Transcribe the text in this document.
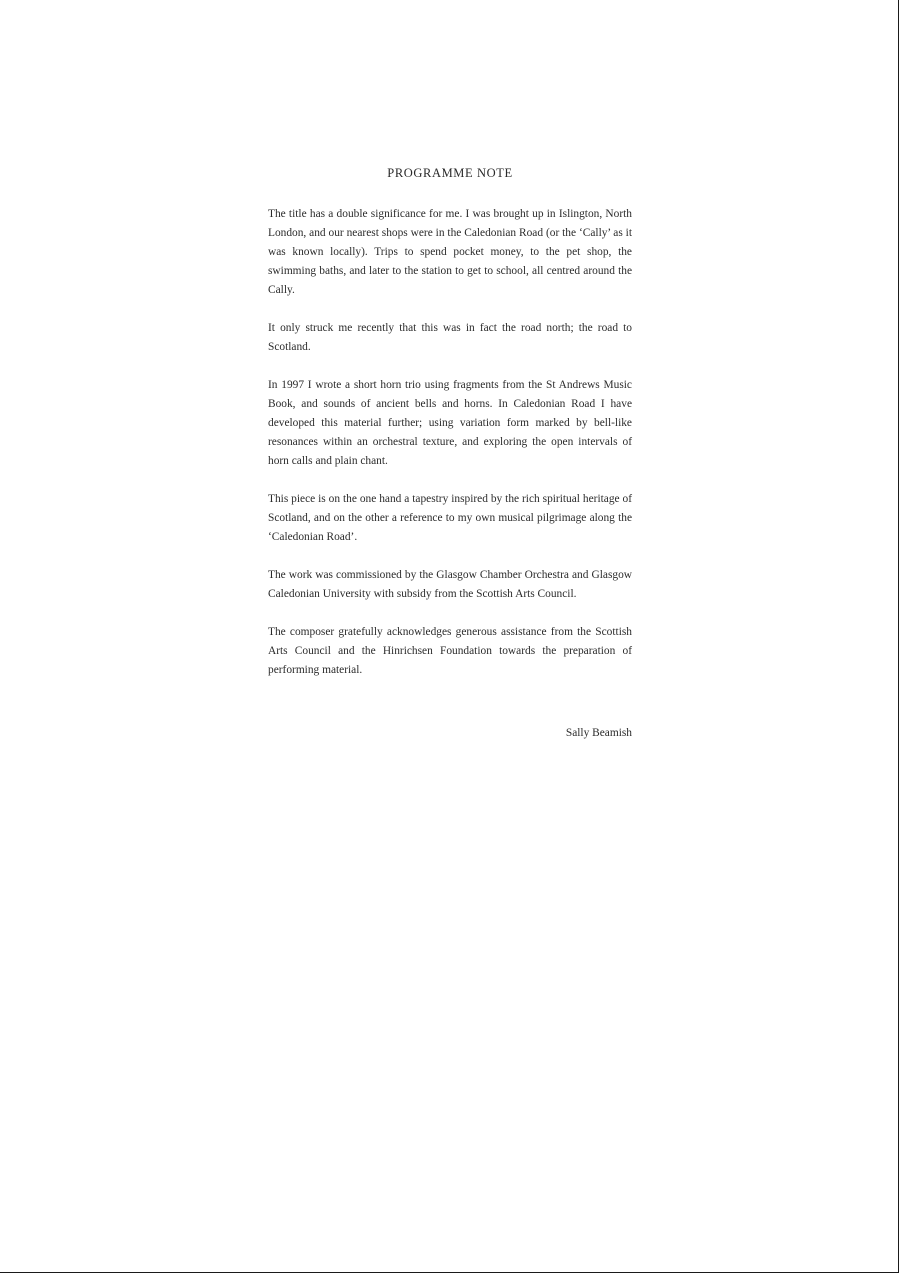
PROGRAMME NOTE

The title has a double significance for me. I was brought up in Islington, North London, and our nearest shops were in the Caledonian Road (or the ‘Cally’ as it was known locally). Trips to spend pocket money, to the pet shop, the swimming baths, and later to the station to get to school, all centred around the Cally.

It only struck me recently that this was in fact the road north; the road to Scotland.

In 1997 I wrote a short horn trio using fragments from the St Andrews Music Book, and sounds of ancient bells and horns. In Caledonian Road I have developed this material further; using variation form marked by bell-like resonances within an orchestral texture, and exploring the open intervals of horn calls and plain chant.

This piece is on the one hand a tapestry inspired by the rich spiritual heritage of Scotland, and on the other a reference to my own musical pilgrimage along the ‘Caledonian Road’.

The work was commissioned by the Glasgow Chamber Orchestra and Glasgow Caledonian University with subsidy from the Scottish Arts Council.

The composer gratefully acknowledges generous assistance from the Scottish Arts Council and the Hinrichsen Foundation towards the preparation of performing material.

Sally Beamish
